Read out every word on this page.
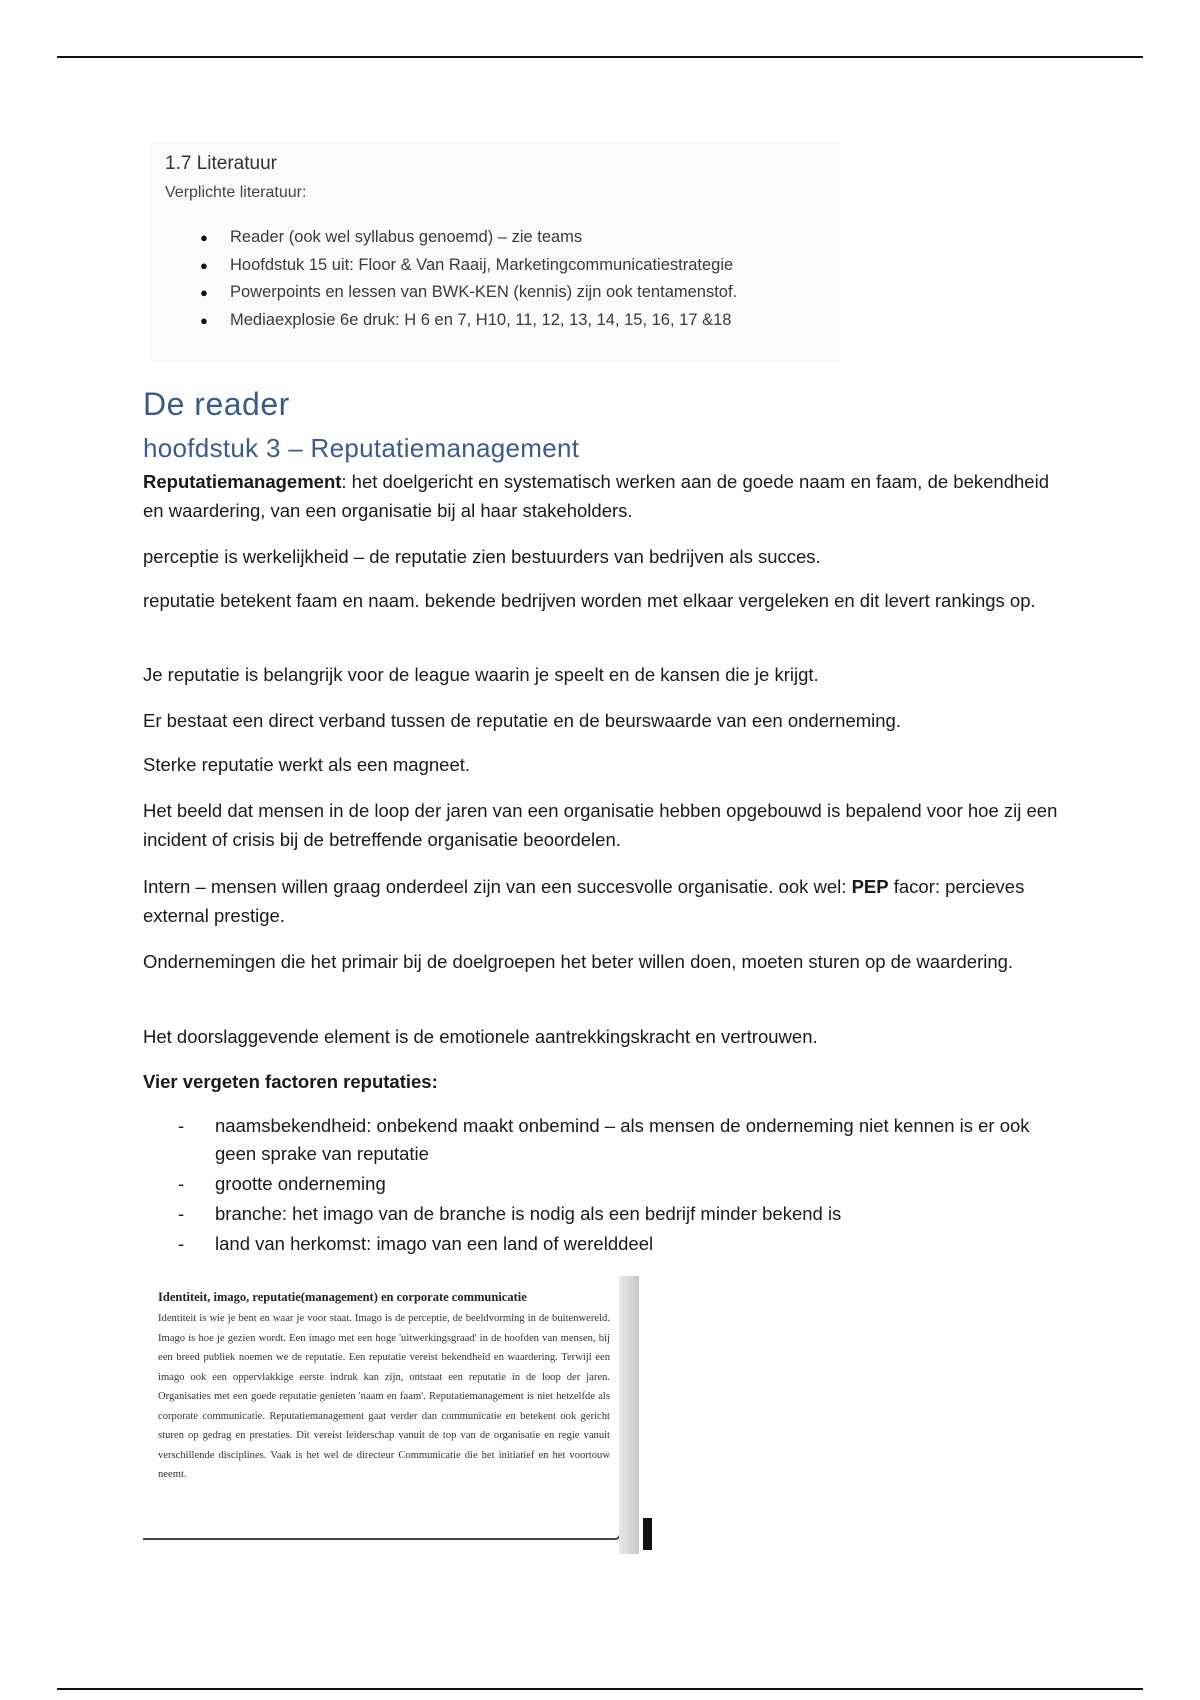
1.7 Literatuur
Verplichte literatuur:
● Reader (ook wel syllabus genoemd) – zie teams
● Hoofdstuk 15 uit: Floor & Van Raaij, Marketingcommunicatiestrategie
● Powerpoints en lessen van BWK-KEN (kennis) zijn ook tentamenstof.
● Mediaexplosie 6e druk: H 6 en 7, H10, 11, 12, 13, 14, 15, 16, 17 &18
De reader
hoofdstuk 3 – Reputatiemanagement
Reputatiemanagement: het doelgericht en systematisch werken aan de goede naam en faam, de bekendheid en waardering, van een organisatie bij al haar stakeholders.
perceptie is werkelijkheid – de reputatie zien bestuurders van bedrijven als succes.
reputatie betekent faam en naam. bekende bedrijven worden met elkaar vergeleken en dit levert rankings op.
Je reputatie is belangrijk voor de league waarin je speelt en de kansen die je krijgt.
Er bestaat een direct verband tussen de reputatie en de beurswaarde van een onderneming.
Sterke reputatie werkt als een magneet.
Het beeld dat mensen in de loop der jaren van een organisatie hebben opgebouwd is bepalend voor hoe zij een incident of crisis bij de betreffende organisatie beoordelen.
Intern – mensen willen graag onderdeel zijn van een succesvolle organisatie. ook wel: PEP facor: percieves external prestige.
Ondernemingen die het primair bij de doelgroepen het beter willen doen, moeten sturen op de waardering.
Het doorslaggevende element is de emotionele aantrekkingskracht en vertrouwen.
Vier vergeten factoren reputaties:
- naamsbekendheid: onbekend maakt onbemind – als mensen de onderneming niet kennen is er ook geen sprake van reputatie
- grootte onderneming
- branche: het imago van de branche is nodig als een bedrijf minder bekend is
- land van herkomst: imago van een land of werelddeel
Identiteit, imago, reputatie(management) en corporate communicatie
Identiteit is wie je bent en waar je voor staat. Imago is de perceptie, de beeldvorming in de buitenwereld. Imago is hoe je gezien wordt. Een imago met een hoge 'uitwerkingsgraad' in de hoofden van mensen, bij een breed publiek noemen we de reputatie. Een reputatie vereist bekendheid en waardering. Terwijl een imago ook een oppervlakkige eerste indruk kan zijn, ontstaat een reputatie in de loop der jaren. Organisaties met een goede reputatie genieten 'naam en faam'. Reputatiemanagement is niet hetzelfde als corporate communicatie. Reputatiemanagement gaat verder dan communicatie en betekent ook gericht sturen op gedrag en prestaties. Dit vereist leiderschap vanuit de top van de organisatie en regie vanuit verschillende disciplines. Vaak is het wel de directeur Communicatie die het initiatief en het voortouw neemt.
